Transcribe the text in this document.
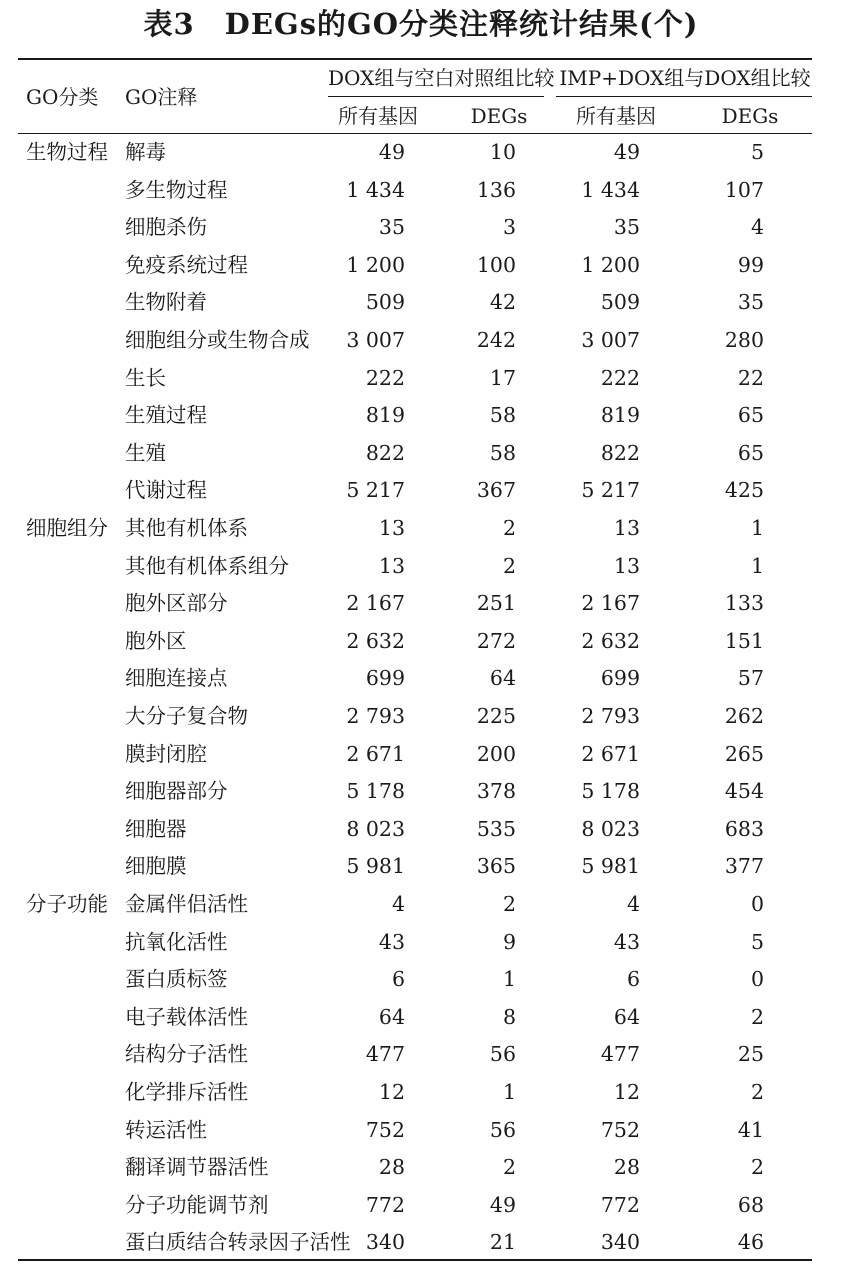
表3　DEGs的GO分类注释统计结果(个)
GO分类 GO注释
DOX组与空白对照组比较 IMP+DOX组与DOX组比较
所有基因	DEGs	所有基因	DEGs
生物过程 解毒	49	10	49	5
多生物过程	1 434	136	1 434	107
细胞杀伤	35	3	35	4
免疫系统过程	1 200	100	1 200	99
生物附着	509	42	509	35
细胞组分或生物合成 3 007	242	3 007	280
生长	222	17	222	22
生殖过程	819	58	819	65
生殖	822	58	822	65
代谢过程	5 217	367	5 217	425
细胞组分 其他有机体系	13	2	13	1
其他有机体系组分	13	2	13	1
胞外区部分	2 167	251	2 167	133
胞外区	2 632	272	2 632	151
细胞连接点	699	64	699	57
大分子复合物	2 793	225	2 793	262
膜封闭腔	2 671	200	2 671	265
细胞器部分	5 178	378	5 178	454
细胞器	8 023	535	8 023	683
细胞膜	5 981	365	5 981	377
分子功能 金属伴侣活性	4	2	4	0
抗氧化活性	43	9	43	5
蛋白质标签	6	1	6	0
电子载体活性	64	8	64	2
结构分子活性	477	56	477	25
化学排斥活性	12	1	12	2
转运活性	752	56	752	41
翻译调节器活性	28	2	28	2
分子功能调节剂	772	49	772	68
蛋白质结合转录因子活性 340	21	340	46
